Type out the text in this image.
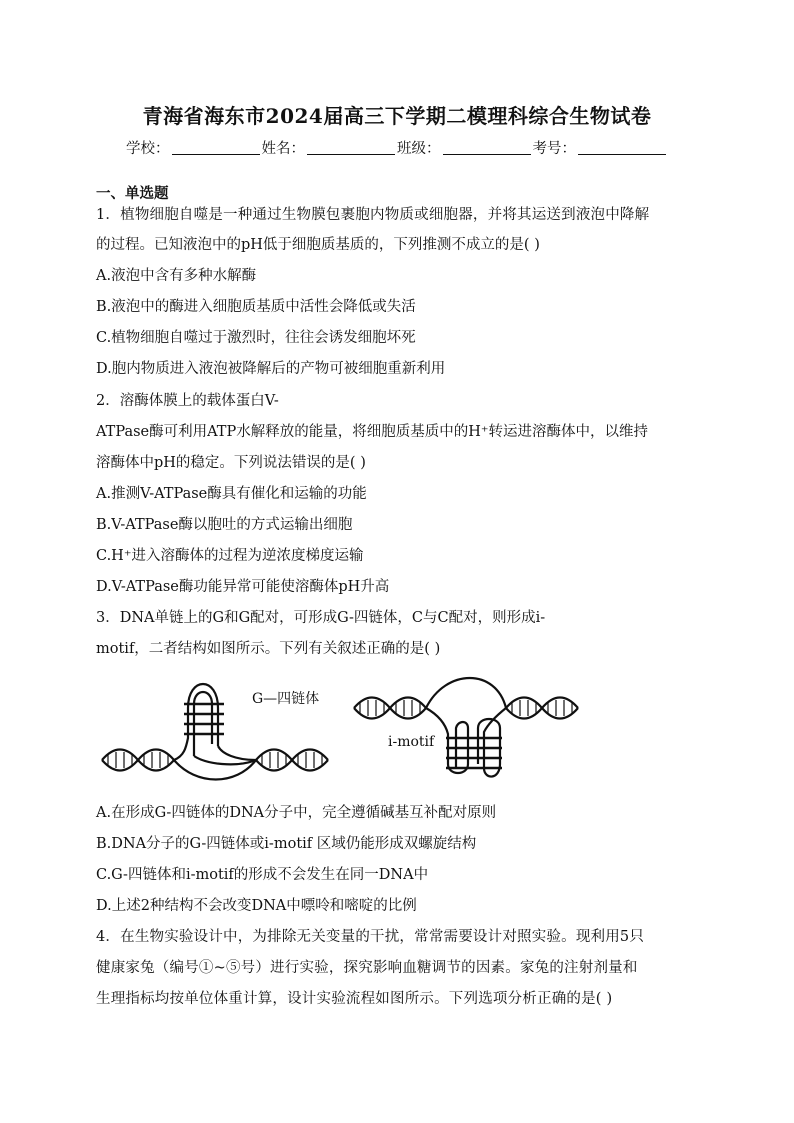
青海省海东市2024届高三下学期二模理科综合生物试卷
学校：	姓名：	班级：	考号：
一、单选题
1．植物细胞自噬是一种通过生物膜包裹胞内物质或细胞器，并将其运送到液泡中降解
的过程。已知液泡中的pH低于细胞质基质的，下列推测不成立的是( )
A.液泡中含有多种水解酶
B.液泡中的酶进入细胞质基质中活性会降低或失活
C.植物细胞自噬过于激烈时，往往会诱发细胞坏死
D.胞内物质进入液泡被降解后的产物可被细胞重新利用
2．溶酶体膜上的载体蛋白V-
ATPase酶可利用ATP水解释放的能量，将细胞质基质中的H⁺转运进溶酶体中，以维持
溶酶体中pH的稳定。下列说法错误的是( )
A.推测V-ATPase酶具有催化和运输的功能
B.V-ATPase酶以胞吐的方式运输出细胞
C.H⁺进入溶酶体的过程为逆浓度梯度运输
D.V-ATPase酶功能异常可能使溶酶体pH升高
3．DNA单链上的G和G配对，可形成G-四链体，C与C配对，则形成i-
motif，二者结构如图所示。下列有关叙述正确的是( )
G—四链体
i-motif
A.在形成G-四链体的DNA分子中，完全遵循碱基互补配对原则
B.DNA分子的G-四链体或i-motif 区域仍能形成双螺旋结构
C.G-四链体和i-motif的形成不会发生在同一DNA中
D.上述2种结构不会改变DNA中嘌呤和嘧啶的比例
4．在生物实验设计中，为排除无关变量的干扰，常常需要设计对照实验。现利用5只
健康家兔（编号①~⑤号）进行实验，探究影响血糖调节的因素。家兔的注射剂量和
生理指标均按单位体重计算，设计实验流程如图所示。下列选项分析正确的是( )
